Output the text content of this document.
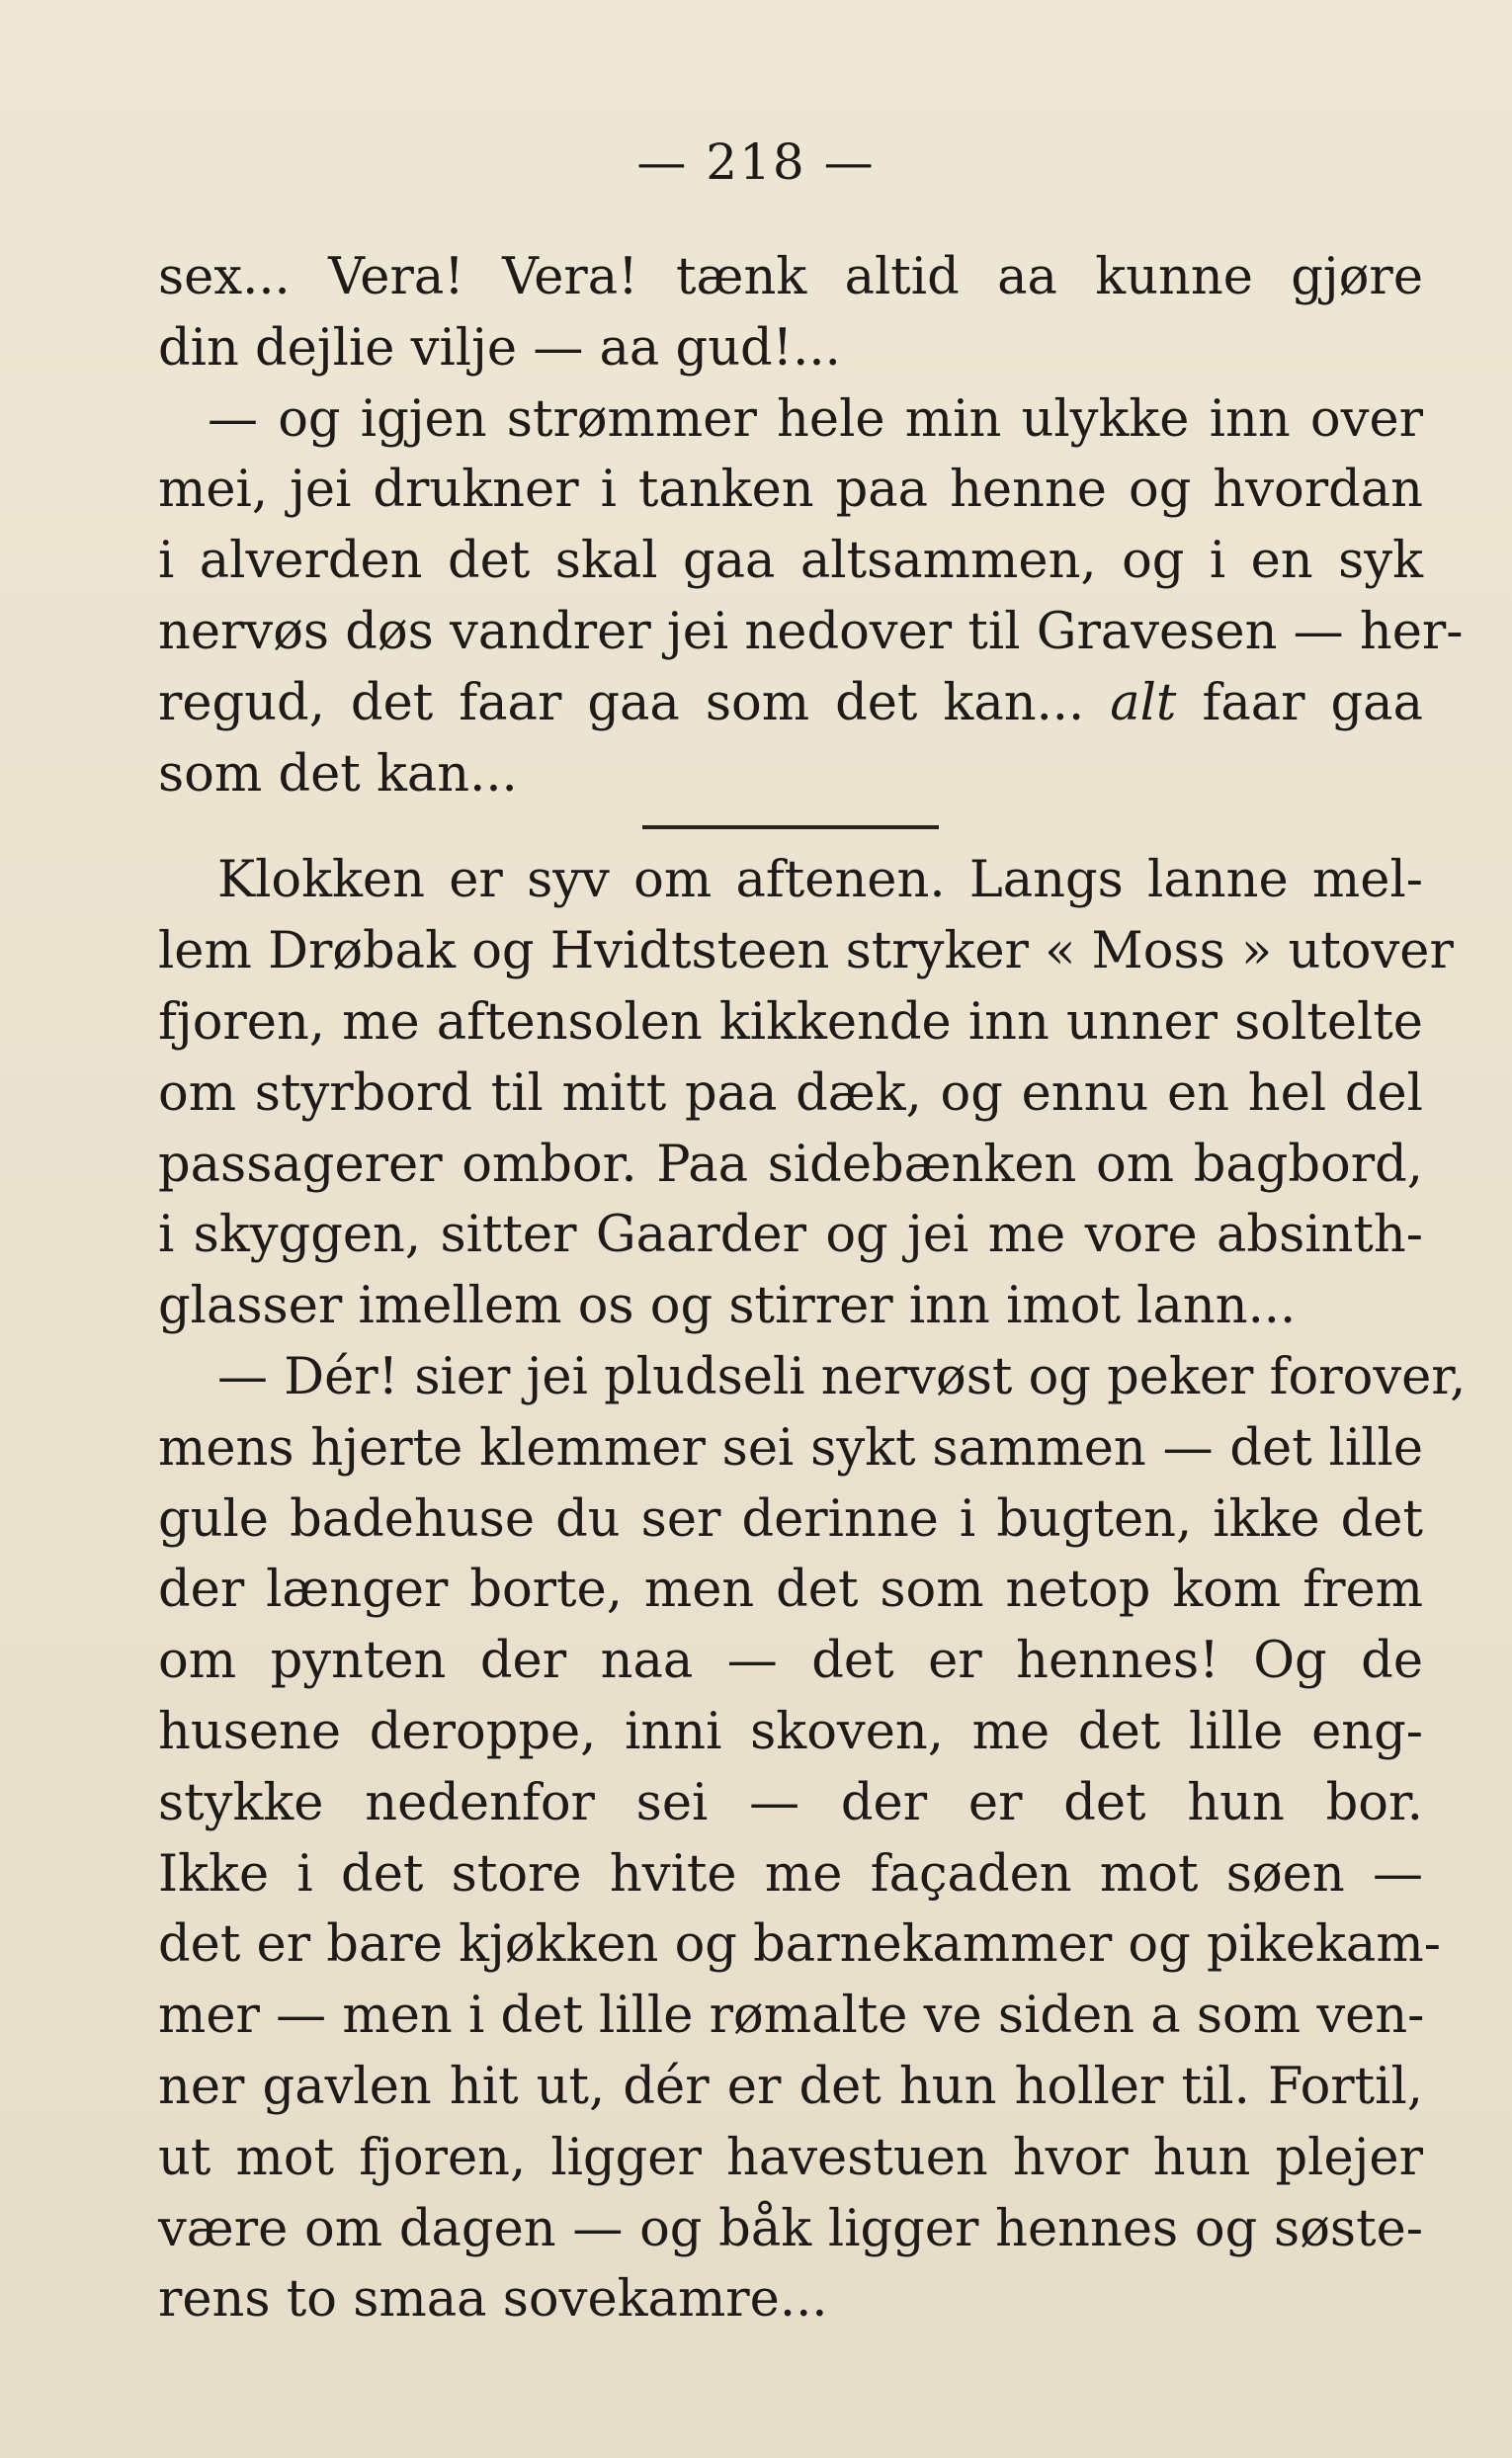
— 218 —
sex... Vera! Vera! tænk altid aa kunne gjøre
din dejlie vilje — aa gud!...
— og igjen strømmer hele min ulykke inn over
mei, jei drukner i tanken paa henne og hvordan
i alverden det skal gaa altsammen, og i en syk
nervøs døs vandrer jei nedover til Gravesen — her-
regud, det faar gaa som det kan... alt faar gaa
som det kan...
Klokken er syv om aftenen. Langs lanne mel-
lem Drøbak og Hvidtsteen stryker « Moss » utover
fjoren, me aftensolen kikkende inn unner soltelte
om styrbord til mitt paa dæk, og ennu en hel del
passagerer ombor. Paa sidebænken om bagbord,
i skyggen, sitter Gaarder og jei me vore absinth-
glasser imellem os og stirrer inn imot lann...
— Dér! sier jei pludseli nervøst og peker forover,
mens hjerte klemmer sei sykt sammen — det lille
gule badehuse du ser derinne i bugten, ikke det
der længer borte, men det som netop kom frem
om pynten der naa — det er hennes! Og de
husene deroppe, inni skoven, me det lille eng-
stykke nedenfor sei — der er det hun bor.
Ikke i det store hvite me façaden mot søen —
det er bare kjøkken og barnekammer og pikekam-
mer — men i det lille rømalte ve siden a som ven-
ner gavlen hit ut, dér er det hun holler til. Fortil,
ut mot fjoren, ligger havestuen hvor hun plejer
være om dagen — og båk ligger hennes og søste-
rens to smaa sovekamre...
